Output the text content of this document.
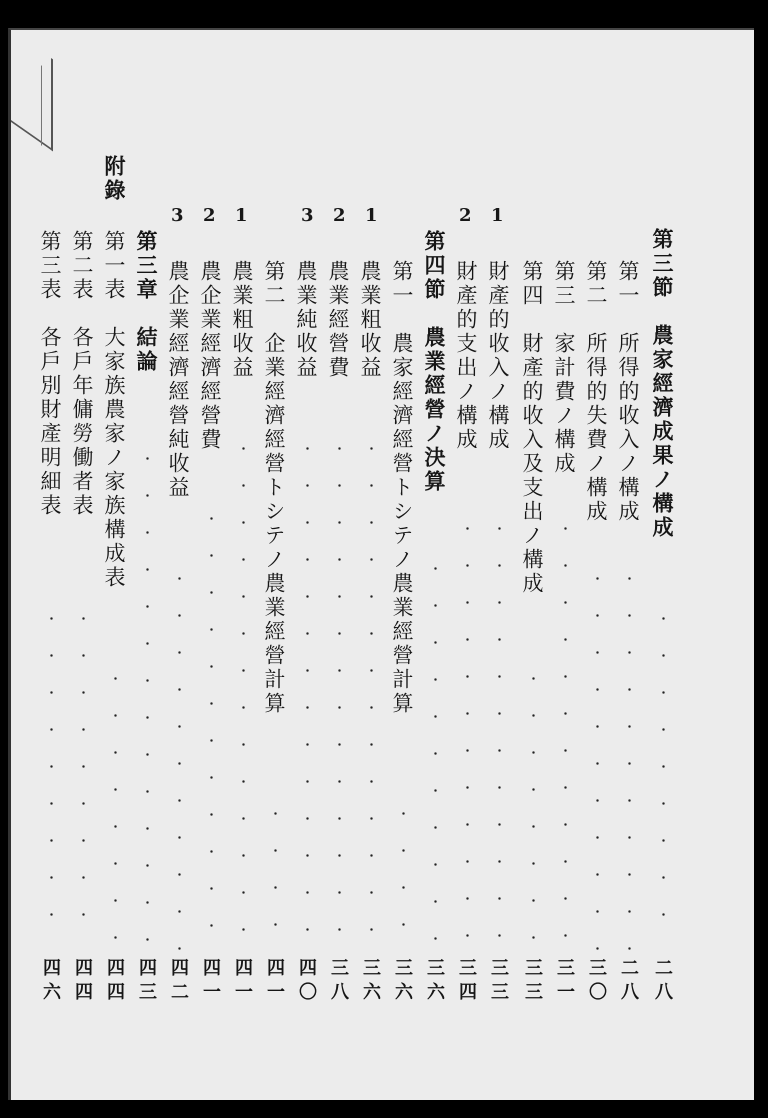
第三節　農家經濟成果ノ構成
第一　所得的收入ノ構成
第二　所得的失費ノ構成
第三　家計費ノ構成
第四　財產的收入及支出ノ構成
財產的收入ノ構成
財產的支出ノ構成
第四節　農業經營ノ決算
第一　農家經濟經營トシテノ農業經營計算
農業粗收益
農業經營費
農業純收益
第二　企業經濟經營トシテノ農業經營計算
農業粗收益
農企業經濟經營費
農企業經濟經營純收益
第三章　結論
附錄
第一表　大家族農家ノ家族構成表
第二表　各戶年傭勞働者表
第三表　各戶別財產明細表
3 2 1	3 2 1	2 1
二八
二八
三〇
三一
三三
三三
三四
三六
三六
三六
三八
四〇
四一
四一
四一
四二
四三
四四
四四
四六
